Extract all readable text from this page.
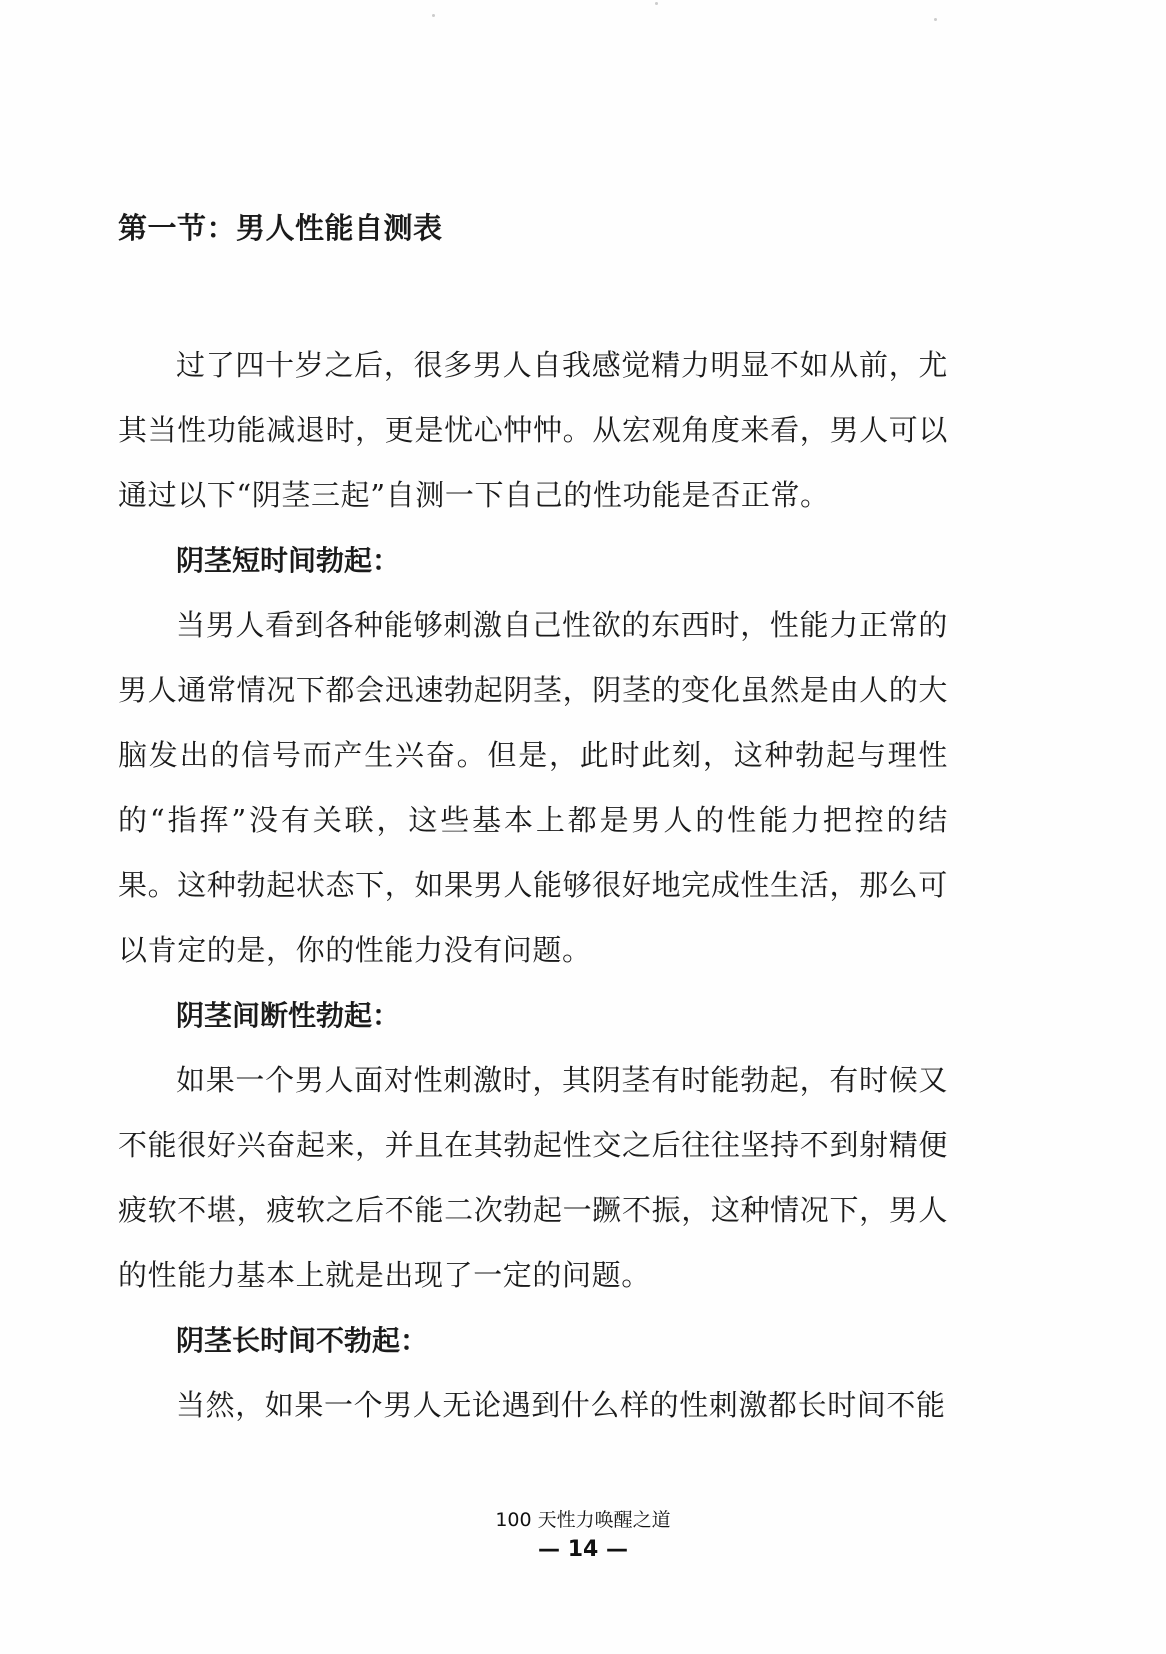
第一节：男人性能自测表

过了四十岁之后，很多男人自我感觉精力明显不如从前，尤其当性功能减退时，更是忧心忡忡。从宏观角度来看，男人可以通过以下“阴茎三起”自测一下自己的性功能是否正常。

阴茎短时间勃起：

当男人看到各种能够刺激自己性欲的东西时，性能力正常的男人通常情况下都会迅速勃起阴茎，阴茎的变化虽然是由人的大脑发出的信号而产生兴奋。但是，此时此刻，这种勃起与理性的“指挥”没有关联，这些基本上都是男人的性能力把控的结果。这种勃起状态下，如果男人能够很好地完成性生活，那么可以肯定的是，你的性能力没有问题。

阴茎间断性勃起：

如果一个男人面对性刺激时，其阴茎有时能勃起，有时候又不能很好兴奋起来，并且在其勃起性交之后往往坚持不到射精便疲软不堪，疲软之后不能二次勃起一蹶不振，这种情况下，男人的性能力基本上就是出现了一定的问题。

阴茎长时间不勃起：

当然，如果一个男人无论遇到什么样的性刺激都长时间不能

100 天性力唤醒之道
— 14 —
